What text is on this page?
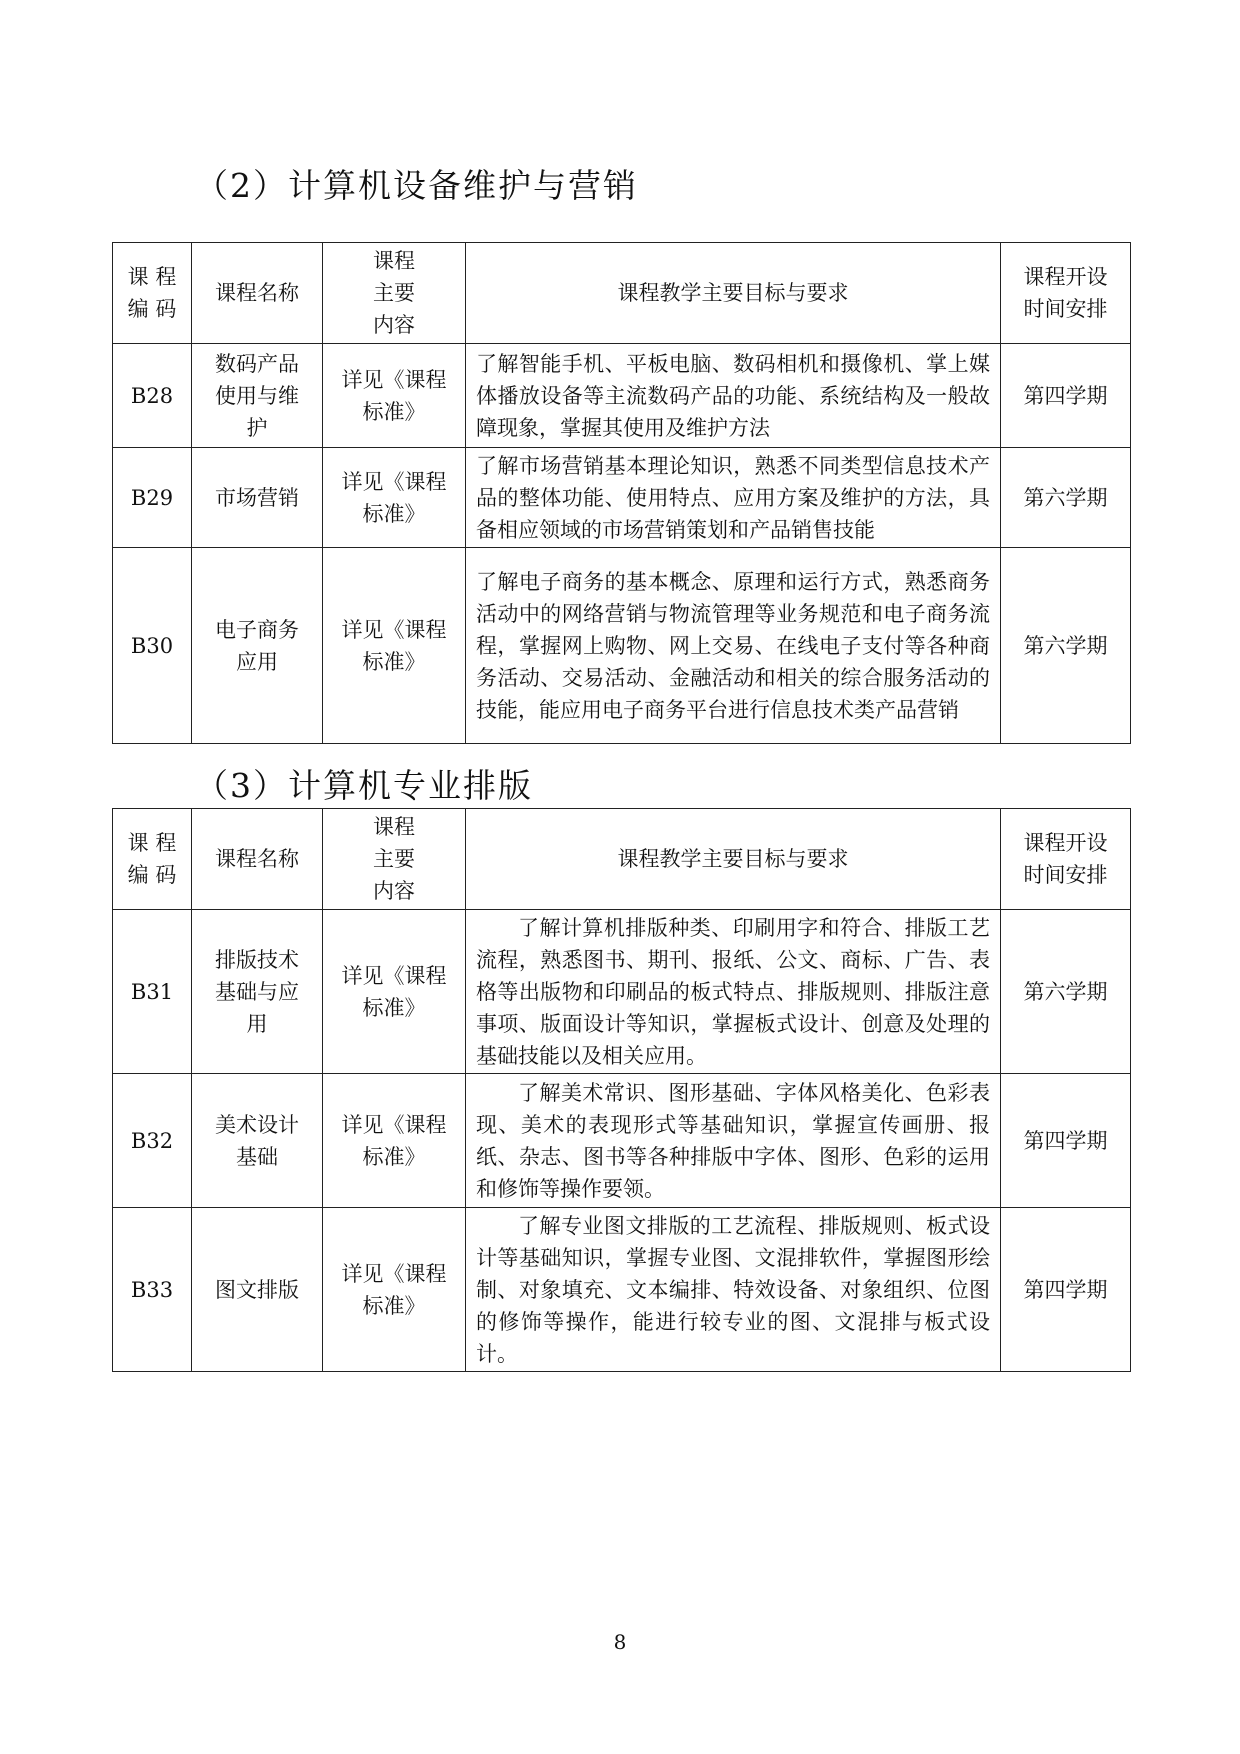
（2）计算机设备维护与营销
课 程
编 码	课程名称	课程
主要
内容	课程教学主要目标与要求	课程开设
时间安排

B28	数码产品
使用与维
护	详见《课程
标准》	了解智能手机、平板电脑、数码相机和摄像机、掌上媒体播放设备等主流数码产品的功能、系统结构及一般故障现象，掌握其使用及维护方法	第四学期
B29	市场营销	详见《课程
标准》	了解市场营销基本理论知识，熟悉不同类型信息技术产品的整体功能、使用特点、应用方案及维护的方法，具备相应领域的市场营销策划和产品销售技能	第六学期
B30	电子商务
应用	详见《课程
标准》	了解电子商务的基本概念、原理和运行方式，熟悉商务活动中的网络营销与物流管理等业务规范和电子商务流程，掌握网上购物、网上交易、在线电子支付等各种商务活动、交易活动、金融活动和相关的综合服务活动的技能，能应用电子商务平台进行信息技术类产品营销	第六学期
（3）计算机专业排版
课 程
编 码	课程名称	课程
主要
内容	课程教学主要目标与要求	课程开设
时间安排

B31	排版技术
基础与应
用	详见《课程
标准》	了解计算机排版种类、印刷用字和符合、排版工艺流程，熟悉图书、期刊、报纸、公文、商标、广告、表格等出版物和印刷品的板式特点、排版规则、排版注意事项、版面设计等知识，掌握板式设计、创意及处理的基础技能以及相关应用。	第六学期
B32	美术设计
基础	详见《课程
标准》	了解美术常识、图形基础、字体风格美化、色彩表现、美术的表现形式等基础知识，掌握宣传画册、报纸、杂志、图书等各种排版中字体、图形、色彩的运用和修饰等操作要领。	第四学期
B33	图文排版	详见《课程
标准》	了解专业图文排版的工艺流程、排版规则、板式设计等基础知识，掌握专业图、文混排软件，掌握图形绘制、对象填充、文本编排、特效设备、对象组织、位图的修饰等操作，能进行较专业的图、文混排与板式设计。	第四学期
8
